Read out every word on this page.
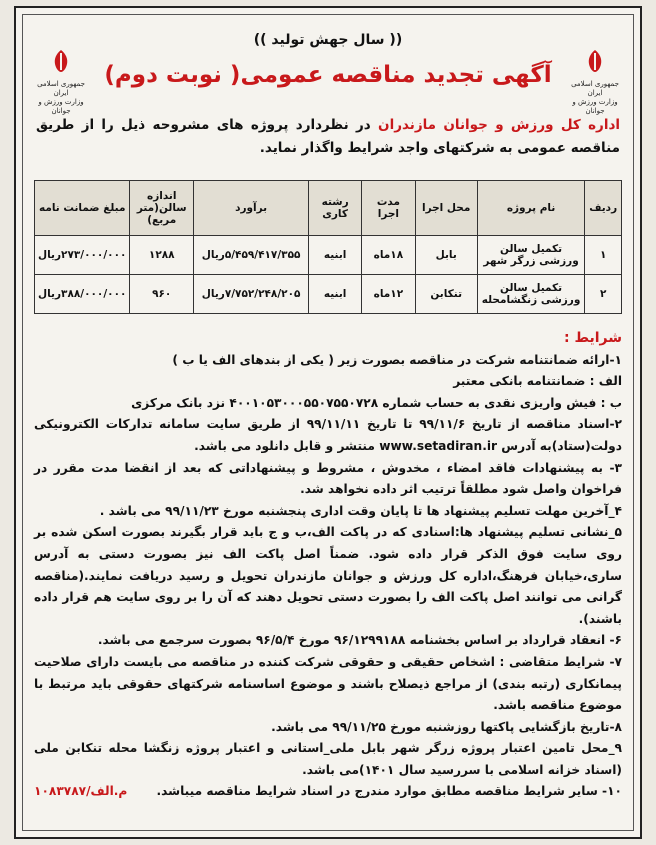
جمهوری اسلامی ایران
وزارت ورزش و جوانان
جمهوری اسلامی ایران
وزارت ورزش و جوانان
(( سال جهش تولید ))
آگهی تجدید مناقصه عمومی( نوبت دوم)
اداره کل ورزش و جوانان مازندران در نظردارد پروژه های مشروحه ذیل را از طریق مناقصه عمومی به شرکتهای واجد شرایط واگذار نماید.
ردیف	نام پروژه	محل اجرا	مدت اجرا	رشته کاری	برآورد	اندازه سالن(متر مربع)	مبلغ ضمانت نامه
۱	تکمیل سالن ورزشی زرگر شهر	بابل	۱۸ماه	ابنیه	۵/۴۵۹/۴۱۷/۳۵۵ریال	۱۲۸۸	۲۷۳/۰۰۰/۰۰۰ریال
۲	تکمیل سالن ورزشی زنگشامحله	تنکابن	۱۲ماه	ابنیه	۷/۷۵۲/۲۴۸/۲۰۵ریال	۹۶۰	۳۸۸/۰۰۰/۰۰۰ریال

شرایط :

۱-ارائه ضمانتنامه شرکت در مناقصه بصورت زیر ( یکی از بندهای الف یا ب )

الف : ضمانتنامه بانکی معتبر

ب : فیش واریزی نقدی به حساب شماره ۴۰۰۱۰۵۳۰۰۰۵۵۰۷۵۵۰۷۲۸ نزد بانک مرکزی

۲-اسناد مناقصه از تاریخ ۹۹/۱۱/۶ تا تاریخ ۹۹/۱۱/۱۱ از طریق سایت سامانه تدارکات الکترونیکی دولت(ستاد)به آدرس www.setadiran.ir منتشر و قابل دانلود می باشد.

۳- به پیشنهادات فاقد امضاء ، مخدوش ، مشروط و پیشنهاداتی که بعد از انقضا مدت مقرر در فراخوان واصل شود مطلقاً ترتیب اثر داده نخواهد شد.

۴_آخرین مهلت تسلیم پیشنهاد ها تا پایان وقت اداری پنجشنبه مورخ ۹۹/۱۱/۲۳ می باشد .

۵_نشانی تسلیم پیشنهاد ها:اسنادی که در پاکت الف،ب و ج باید قرار بگیرند بصورت اسکن شده بر روی سایت فوق الذکر قرار داده شود. ضمناً اصل پاکت الف نیز بصورت دستی به آدرس ساری،خیابان فرهنگ،اداره کل ورزش و جوانان مازندران تحویل و رسید دریافت نمایند.(مناقصه گرانی می توانند اصل پاکت الف را بصورت دستی تحویل دهند که آن را بر روی سایت هم قرار داده باشند).

۶- انعقاد قرارداد بر اساس بخشنامه ۹۶/۱۲۹۹۱۸۸ مورخ ۹۶/۵/۴ بصورت سرجمع می باشد.

۷- شرایط متقاضی : اشخاص حقیقی و حقوقی شرکت کننده در مناقصه می بایست دارای صلاحیت پیمانکاری (رتبه بندی) از مراجع ذیصلاح باشند و موضوع اساسنامه شرکتهای حقوقی باید مرتبط با موضوع مناقصه باشد.

۸-تاریخ بازگشایی پاکتها روزشنبه مورخ ۹۹/۱۱/۲۵ می باشد.

۹_محل تامین اعتبار پروژه زرگر شهر بابل ملی_استانی و اعتبار پروژه زنگشا محله تنکابن ملی (اسناد خزانه اسلامی با سررسید سال ۱۴۰۱)می باشد.

۱۰- سایر شرایط مناقصه مطابق موارد مندرج در اسناد شرایط مناقصه میباشد.
م.الف/۱۰۸۳۷۸۷
